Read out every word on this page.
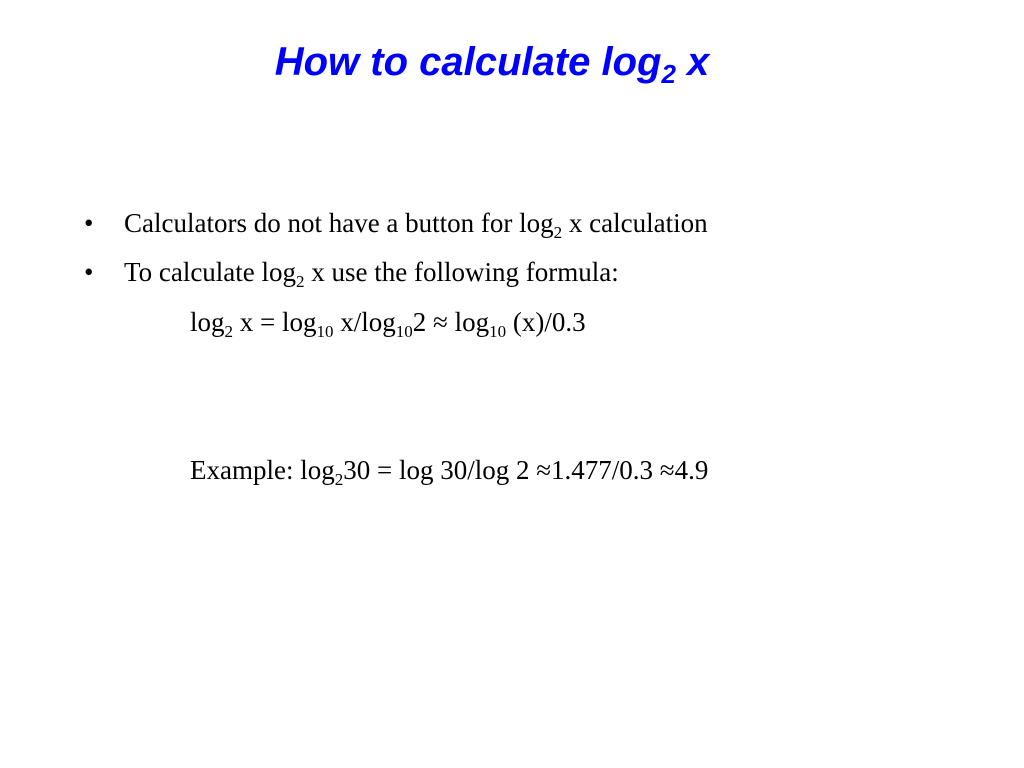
How to calculate $\log_2 x$
• Calculators do not have a button for $\log_2 x$ calculation
• To calculate $\log_2 x$ use the following formula:
$\log_2 x = \log_{10} x/\log_{10}2 \approx \log_{10} (x)/0.3$
Example: $\log_230 = \log 30/\log$ 2 ≈1.477/0.3 ≈4.9
